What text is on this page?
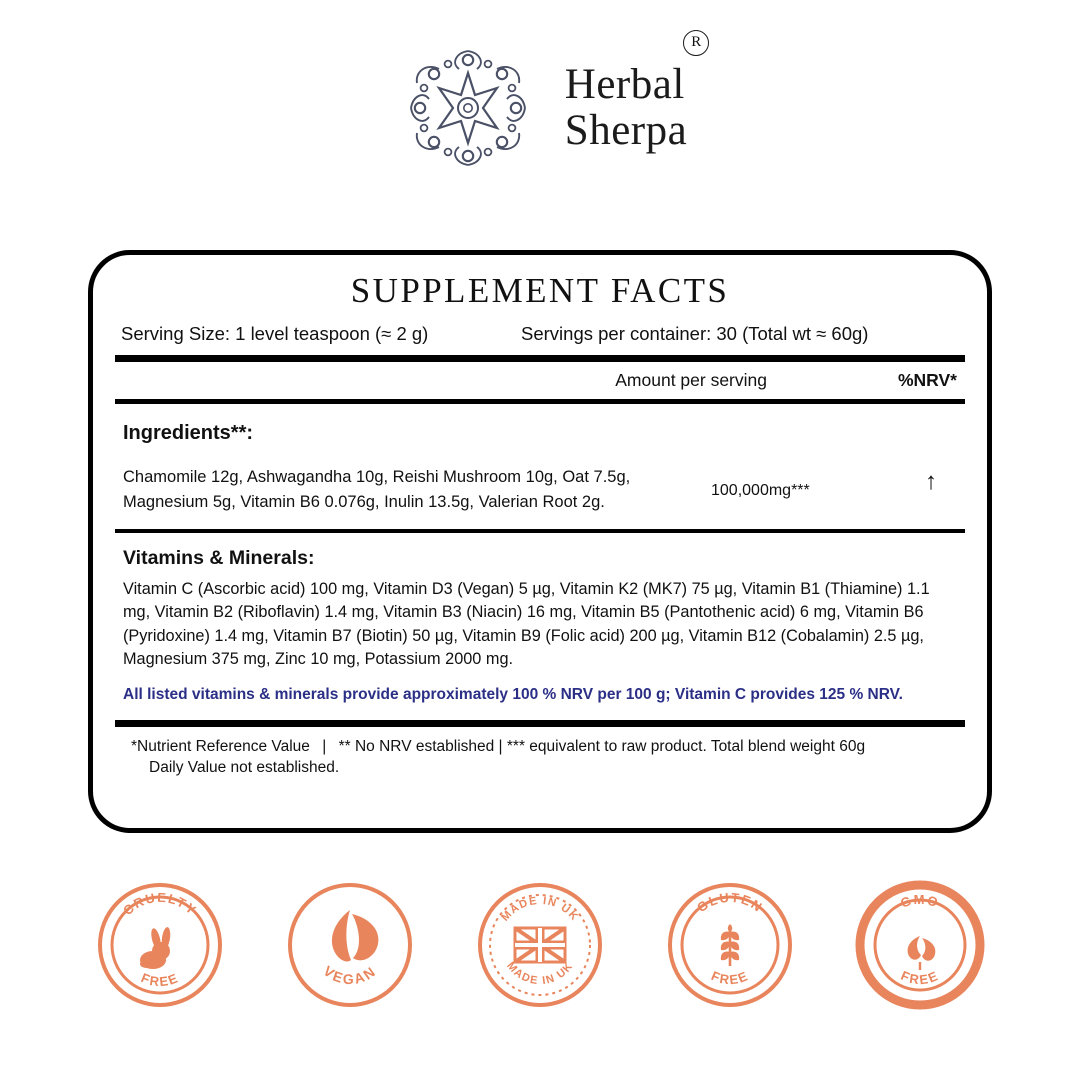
R
Herbal
Sherpa
SUPPLEMENT FACTS
Serving Size: 1 level teaspoon (≈ 2 g)	Servings per container: 30 (Total wt ≈ 60g)
Amount per serving	%NRV*
Ingredients**:
Chamomile 12g, Ashwagandha 10g, Reishi Mushroom 10g, Oat 7.5g, Magnesium 5g, Vitamin B6 0.076g, Inulin 13.5g, Valerian Root 2g.
100,000mg***	↑
Vitamins & Minerals:
Vitamin C (Ascorbic acid) 100 mg, Vitamin D3 (Vegan) 5 µg, Vitamin K2 (MK7) 75 µg, Vitamin B1 (Thiamine) 1.1 mg, Vitamin B2 (Riboflavin) 1.4 mg, Vitamin B3 (Niacin) 16 mg, Vitamin B5 (Pantothenic acid) 6 mg, Vitamin B6 (Pyridoxine) 1.4 mg, Vitamin B7 (Biotin) 50 µg, Vitamin B9 (Folic acid) 200 µg, Vitamin B12 (Cobalamin) 2.5 µg, Magnesium 375 mg, Zinc 10 mg, Potassium 2000 mg.
All listed vitamins & minerals provide approximately 100 % NRV per 100 g; Vitamin C provides 125 % NRV.
*Nutrient Reference Value | ** No NRV established | *** equivalent to raw product. Total blend weight 60g
Daily Value not established.
CRUELTY
FREE	VEGAN
MADE IN UK
MADE IN UK
GLUTEN
FREE
GMO
FREE
